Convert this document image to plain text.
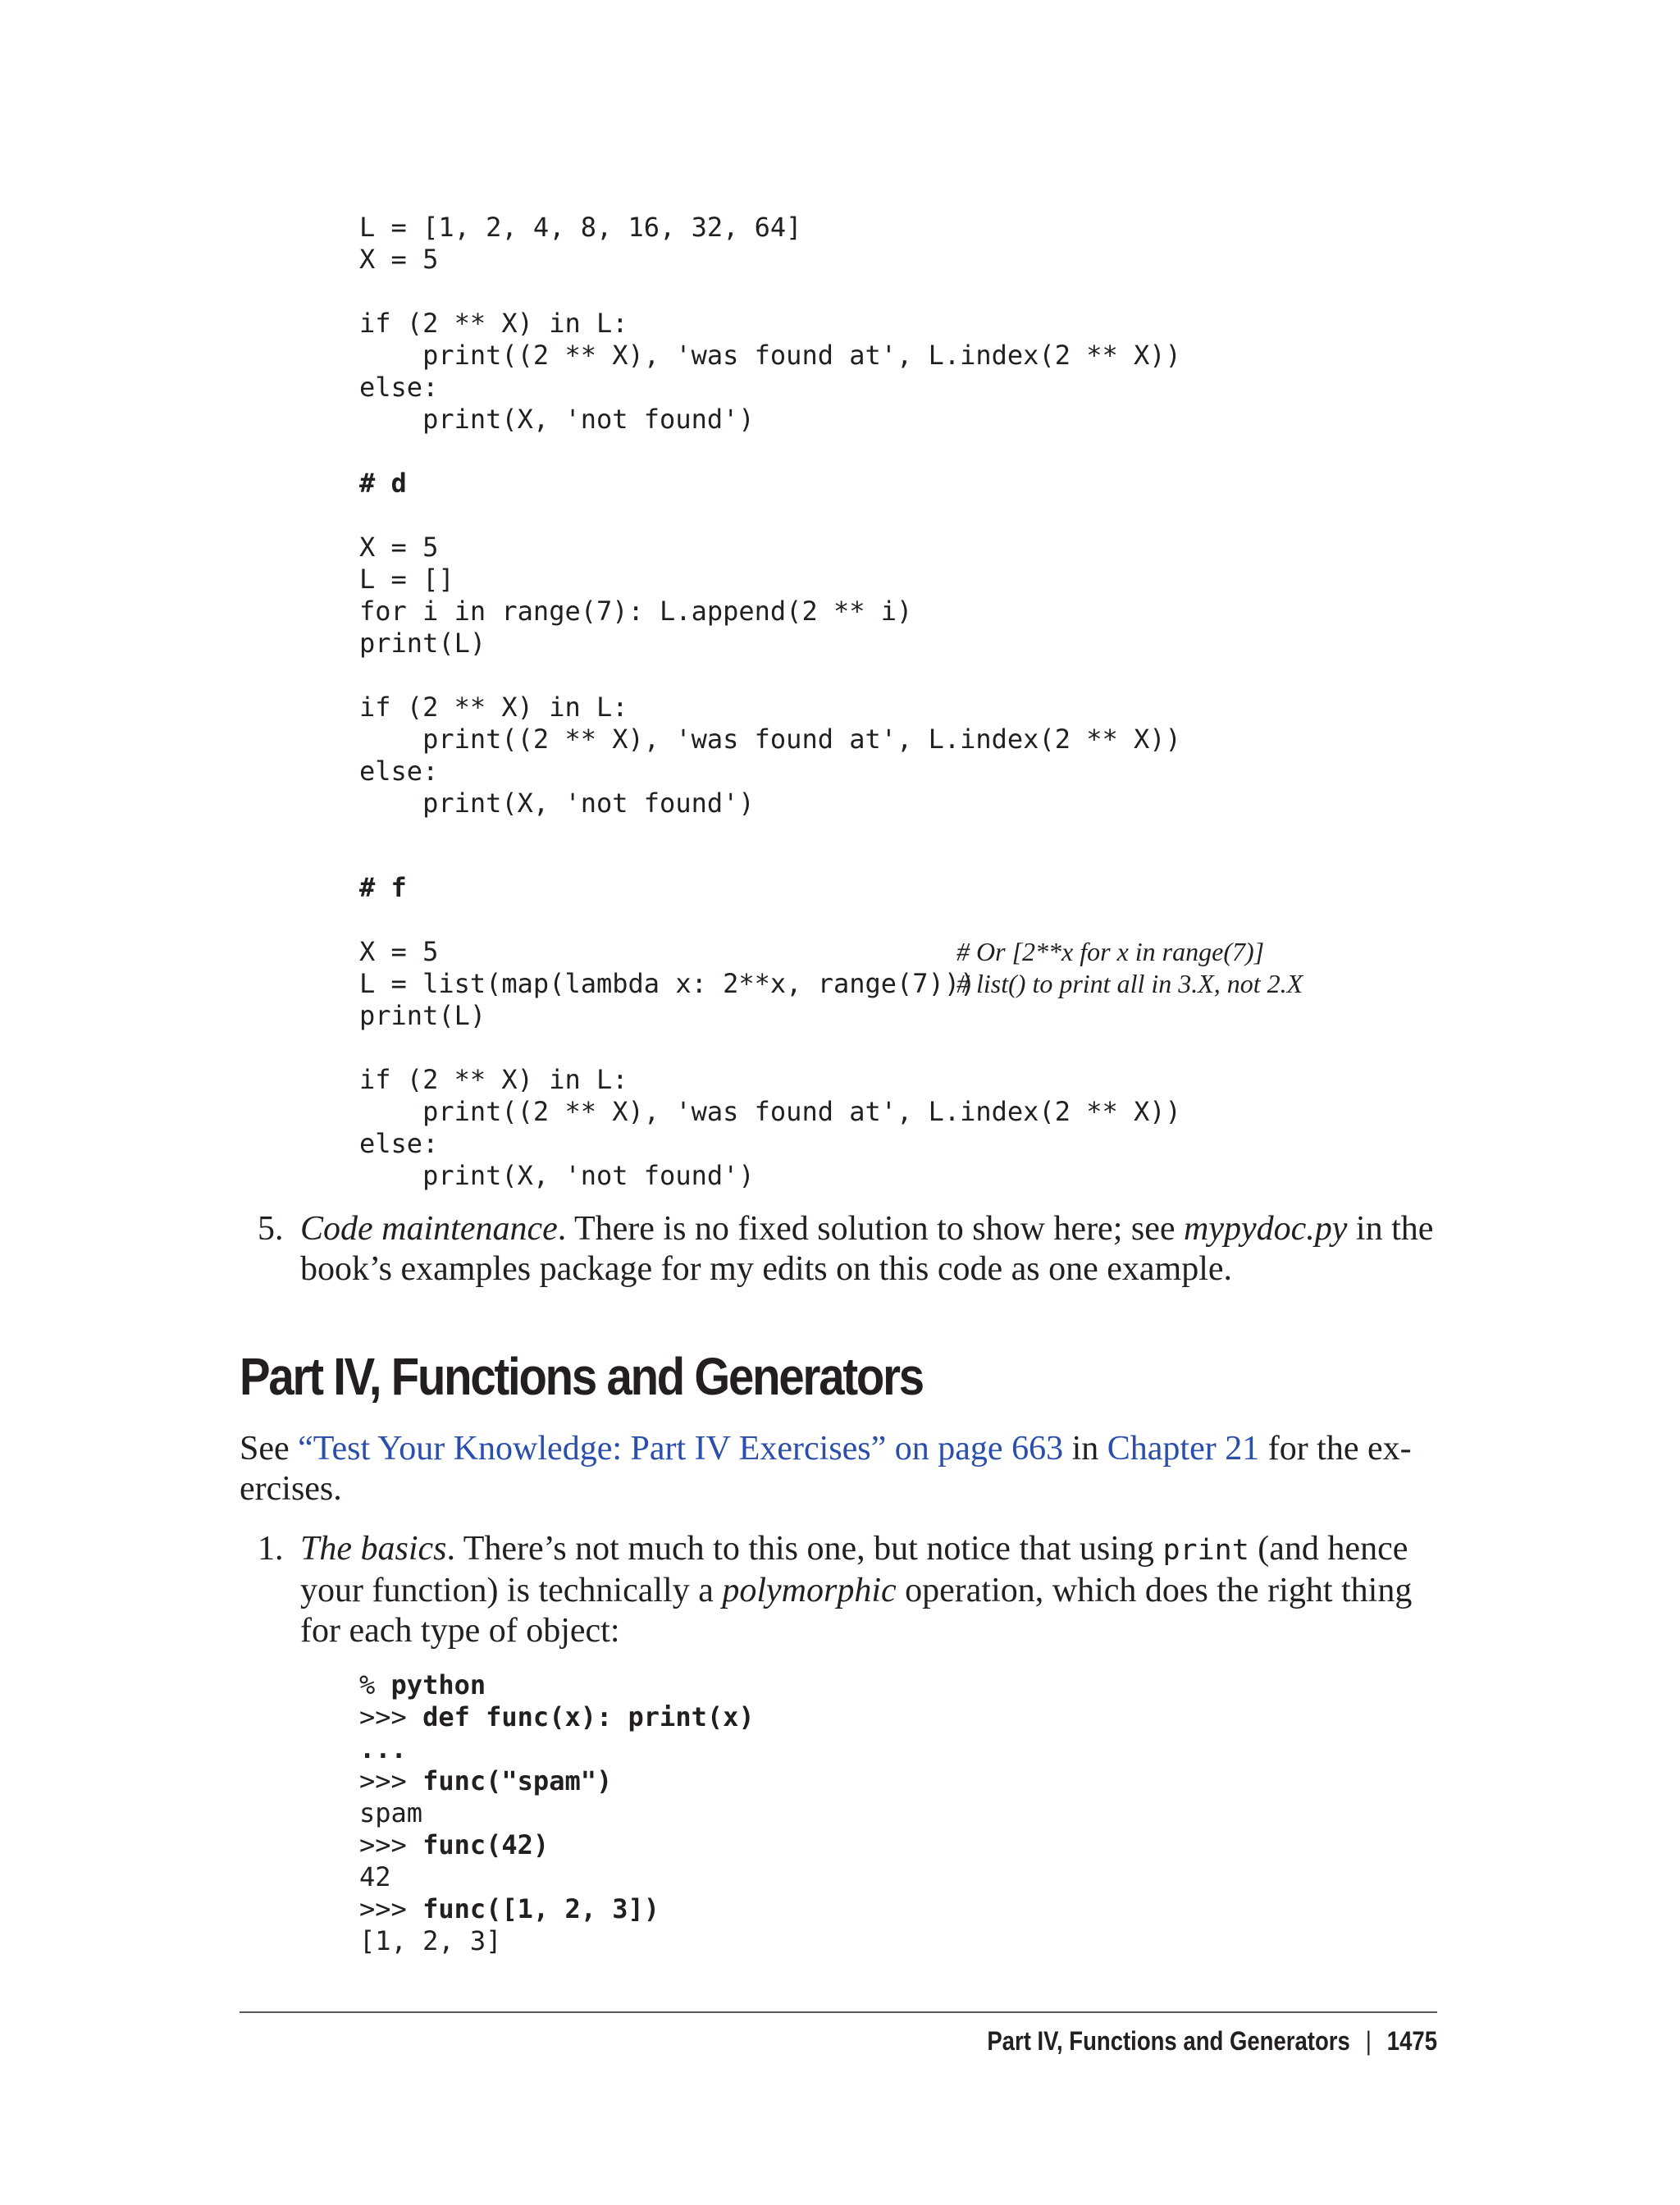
L = [1, 2, 4, 8, 16, 32, 64]
X = 5

if (2 ** X) in L:
print((2 ** X), 'was found at', L.index(2 ** X))
else:
print(X, 'not found')

# d

X = 5
L = []
for i in range(7): L.append(2 ** i)
print(L)

if (2 ** X) in L:
print((2 ** X), 'was found at', L.index(2 ** X))
else:
print(X, 'not found')
# f

X = 5
L = list(map(lambda x: 2**x, range(7)))
print(L)

if (2 ** X) in L:
print((2 ** X), 'was found at', L.index(2 ** X))
else:
print(X, 'not found')
# Or [2**x for x in range(7)]
# list() to print all in 3.X, not 2.X
5. Code maintenance. There is no fixed solution to show here; see mypydoc.py in the
book’s examples package for my edits on this code as one example.
Part IV, Functions and Generators
See “Test Your Knowledge: Part IV Exercises” on page 663 in Chapter 21 for the ex-
ercises.
1. The basics. There’s not much to this one, but notice that using print (and hence
your function) is technically a polymorphic operation, which does the right thing
for each type of object:
% python
>>> def func(x): print(x)
...
>>> func("spam")
spam
>>> func(42)
42
>>> func([1, 2, 3])
[1, 2, 3]
Part IV, Functions and Generators | 1475
